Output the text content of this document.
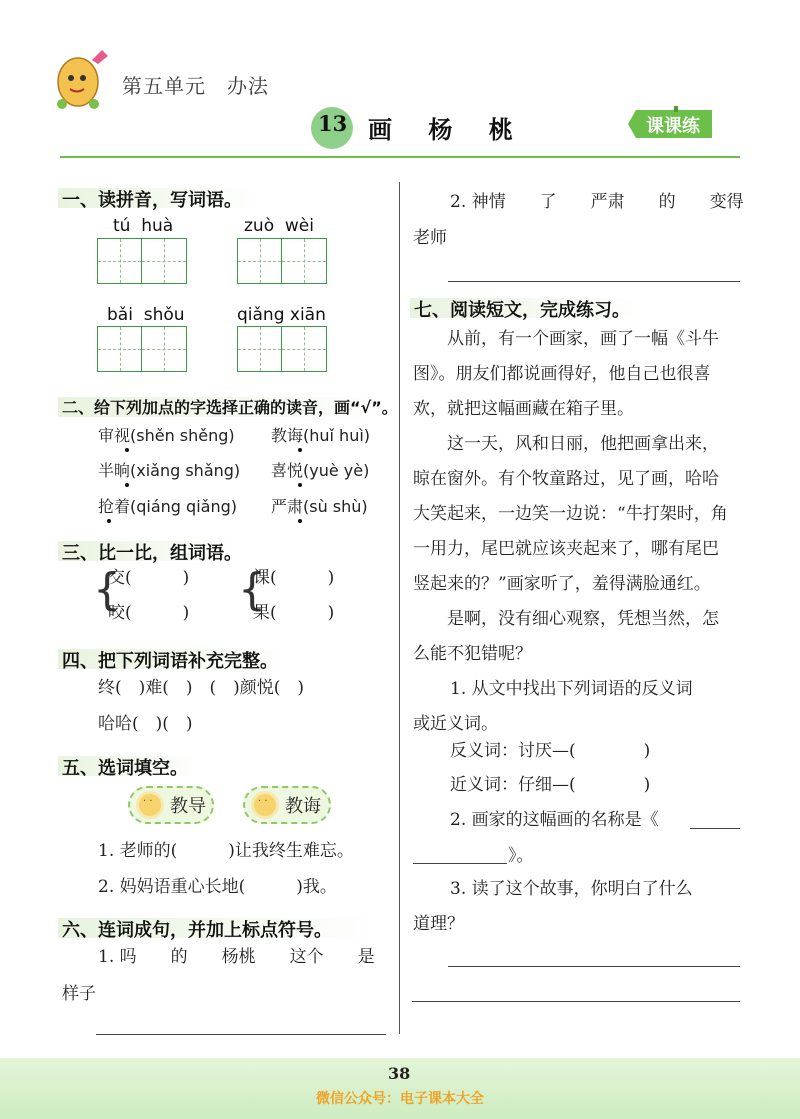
第五单元　办法
13 画 杨 桃	课课练
一、读拼音，写词语。
tú  huà	zuò  wèi
bǎi  shǒu	qiǎng xiān
二、给下列加点的字选择正确的读音，画“√”。
审视(shěn shěng) 教诲(huǐ huì)
半晌(xiǎng shǎng) 喜悦(yuè yè)
抢着(qiáng qiǎng) 严肃(sù shù)
三、比一比，组词语。
{
交(　　　)
咬(　　　) {
课(　　　)
果(　　　)
四、把下列词语补充完整。
终(　)难(　)　(　)颜悦(　)
哈哈(　)(　)
五、选词填空。
· ·
教导
· ·	教诲
1. 老师的(　　　)让我终生难忘。
2. 妈妈语重心长地(　　　)我。
六、连词成句，并加上标点符号。
1. 吗　　的　　杨桃　　这个　　是
样子
2. 神情　　了　　严肃　　的　　变得
老师
七、阅读短文，完成练习。
　　从前，有一个画家，画了一幅《斗牛
图》。朋友们都说画得好，他自己也很喜
欢，就把这幅画藏在箱子里。
　　这一天，风和日丽，他把画拿出来，
晾在窗外。有个牧童路过，见了画，哈哈
大笑起来，一边笑一边说：“牛打架时，角
一用力，尾巴就应该夹起来了，哪有尾巴
竖起来的？”画家听了，羞得满脸通红。
　　是啊，没有细心观察，凭想当然，怎
么能不犯错呢？
1. 从文中找出下列词语的反义词
或近义词。
反义词：讨厌—(　　　　)
近义词：仔细—(　　　　)
2. 画家的这幅画的名称是《
》。
3. 读了这个故事，你明白了什么
道理？
38
微信公众号：电子课本大全
